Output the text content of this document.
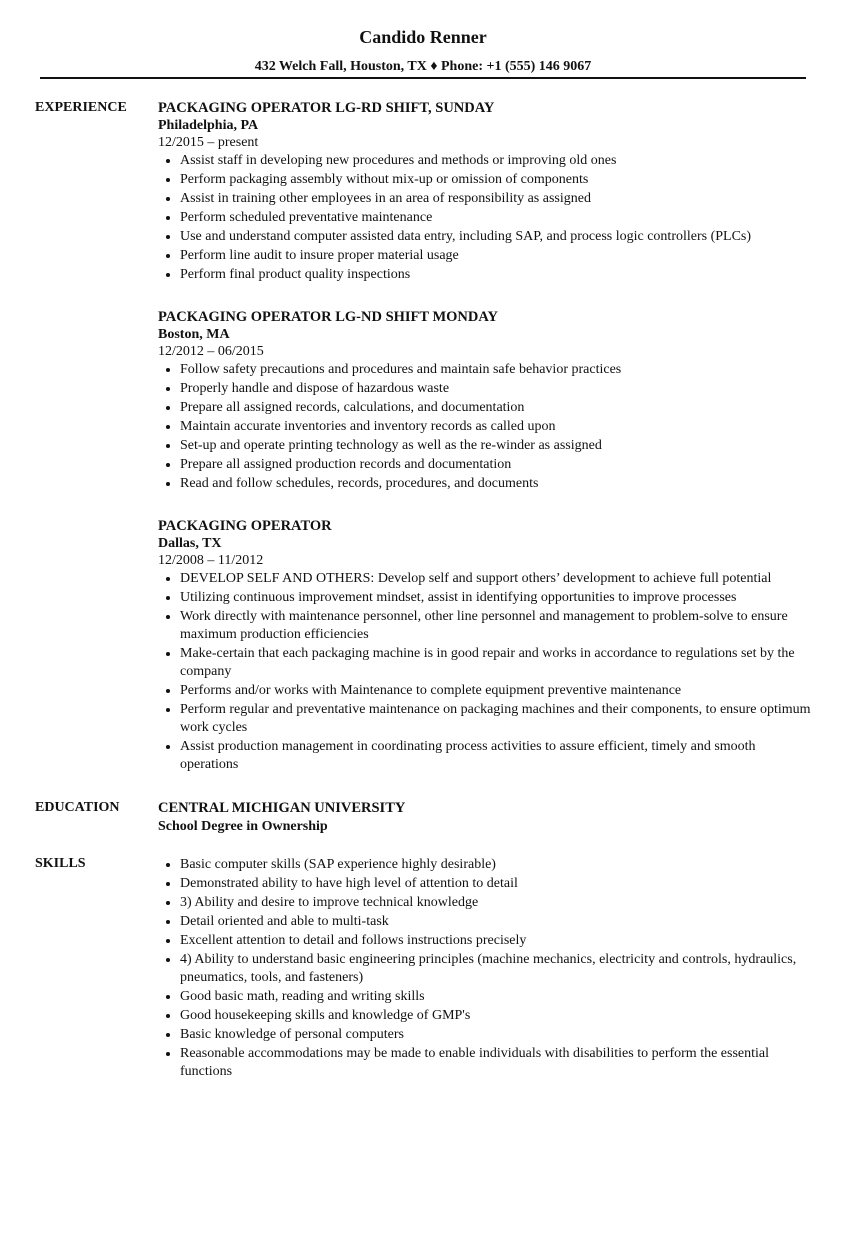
Candido Renner
432 Welch Fall, Houston, TX ♦ Phone: +1 (555) 146 9067
EXPERIENCE PACKAGING OPERATOR LG-RD SHIFT, SUNDAY
Philadelphia, PA
12/2015 – present
• Assist staff in developing new procedures and methods or improving old ones
• Perform packaging assembly without mix-up or omission of components
• Assist in training other employees in an area of responsibility as assigned
• Perform scheduled preventative maintenance
• Use and understand computer assisted data entry, including SAP, and process logic controllers (PLCs)
• Perform line audit to insure proper material usage
• Perform final product quality inspections
PACKAGING OPERATOR LG-ND SHIFT MONDAY
Boston, MA
12/2012 – 06/2015
• Follow safety precautions and procedures and maintain safe behavior practices
• Properly handle and dispose of hazardous waste
• Prepare all assigned records, calculations, and documentation
• Maintain accurate inventories and inventory records as called upon
• Set-up and operate printing technology as well as the re-winder as assigned
• Prepare all assigned production records and documentation
• Read and follow schedules, records, procedures, and documents
PACKAGING OPERATOR
Dallas, TX
12/2008 – 11/2012
• DEVELOP SELF AND OTHERS: Develop self and support others’ development to achieve full potential
• Utilizing continuous improvement mindset, assist in identifying opportunities to improve processes
• Work directly with maintenance personnel, other line personnel and management to problem-solve to ensure maximum production efficiencies
• Make-certain that each packaging machine is in good repair and works in accordance to regulations set by the company
• Performs and/or works with Maintenance to complete equipment preventive maintenance
• Perform regular and preventative maintenance on packaging machines and their components, to ensure optimum work cycles
• Assist production management in coordinating process activities to assure efficient, timely and smooth operations
EDUCATION	CENTRAL MICHIGAN UNIVERSITY
School Degree in Ownership
SKILLS
•	Basic computer skills (SAP experience highly desirable)
• Demonstrated ability to have high level of attention to detail
• 3) Ability and desire to improve technical knowledge
• Detail oriented and able to multi-task
• Excellent attention to detail and follows instructions precisely
• 4) Ability to understand basic engineering principles (machine mechanics, electricity and controls, hydraulics, pneumatics, tools, and fasteners)
• Good basic math, reading and writing skills
• Good housekeeping skills and knowledge of GMP's
• Basic knowledge of personal computers
• Reasonable accommodations may be made to enable individuals with disabilities to perform the essential functions
